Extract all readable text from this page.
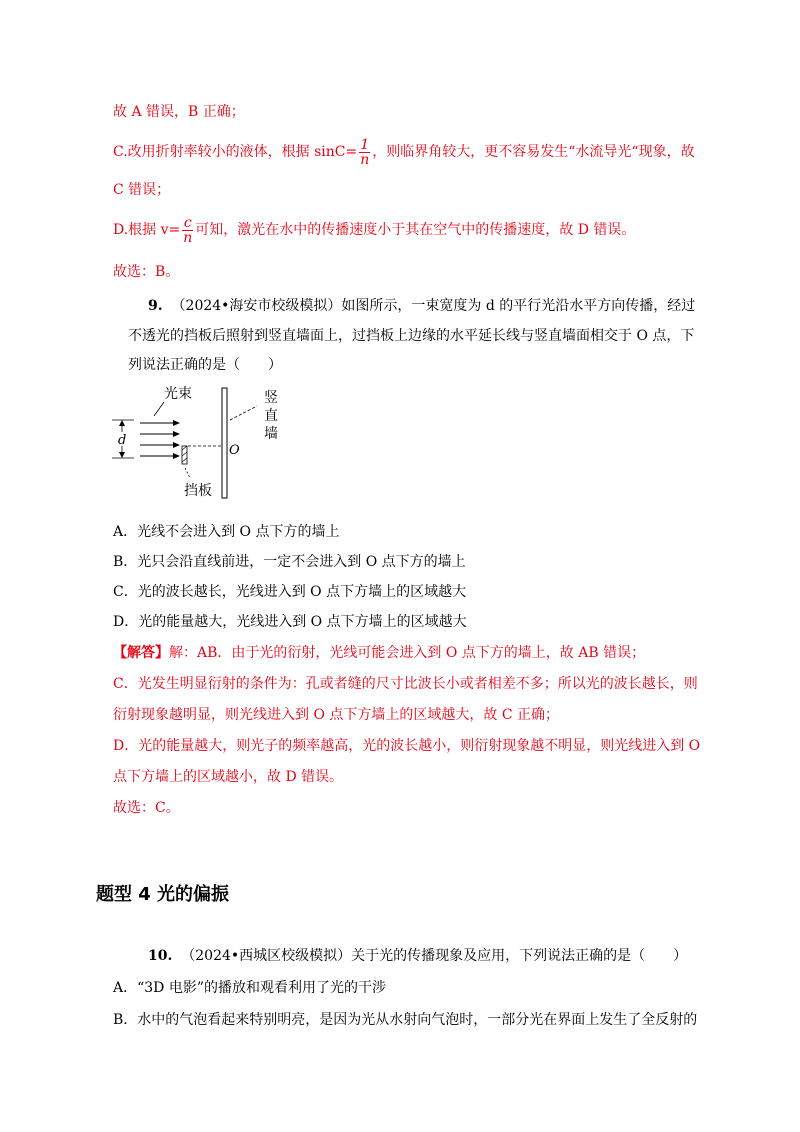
故 A 错误，B 正确；
C.改用折射率较小的液体，根据 $\sin C= \frac{1}{n}$ ，则临界角较大，更不容易发生“水流导光“现象，故
C 错误；
D.根据 $v= \frac{c}{n}$ 可知，激光在水中的传播速度小于其在空气中的传播速度，故 D 错误。
故选：B。
9. （2024•海安市校级模拟）如图所示，一束宽度为 d 的平行光沿水平方向传播，经过
不透光的挡板后照射到竖直墙面上，过挡板上边缘的水平延长线与竖直墙面相交于 O 点，下
列说法正确的是（　　）
光束
d
挡板
O
竖
直
墙
A．光线不会进入到 O 点下方的墙上
B．光只会沿直线前进，一定不会进入到 O 点下方的墙上
C．光的波长越长，光线进入到 O 点下方墙上的区域越大
D．光的能量越大，光线进入到 O 点下方墙上的区域越大
【解答】解：AB．由于光的衍射，光线可能会进入到 O 点下方的墙上，故 AB 错误；
C．光发生明显衍射的条件为：孔或者缝的尺寸比波长小或者相差不多；所以光的波长越长，则
衍射现象越明显，则光线进入到 O 点下方墙上的区域越大，故 C 正确；
D．光的能量越大，则光子的频率越高，光的波长越小，则衍射现象越不明显，则光线进入到 O
点下方墙上的区域越小，故 D 错误。
故选：C。
题型 4 光的偏振
10. （2024•西城区校级模拟）关于光的传播现象及应用，下列说法正确的是（　　）
A．“3D 电影”的播放和观看利用了光的干涉
B．水中的气泡看起来特别明亮，是因为光从水射向气泡时，一部分光在界面上发生了全反射的
